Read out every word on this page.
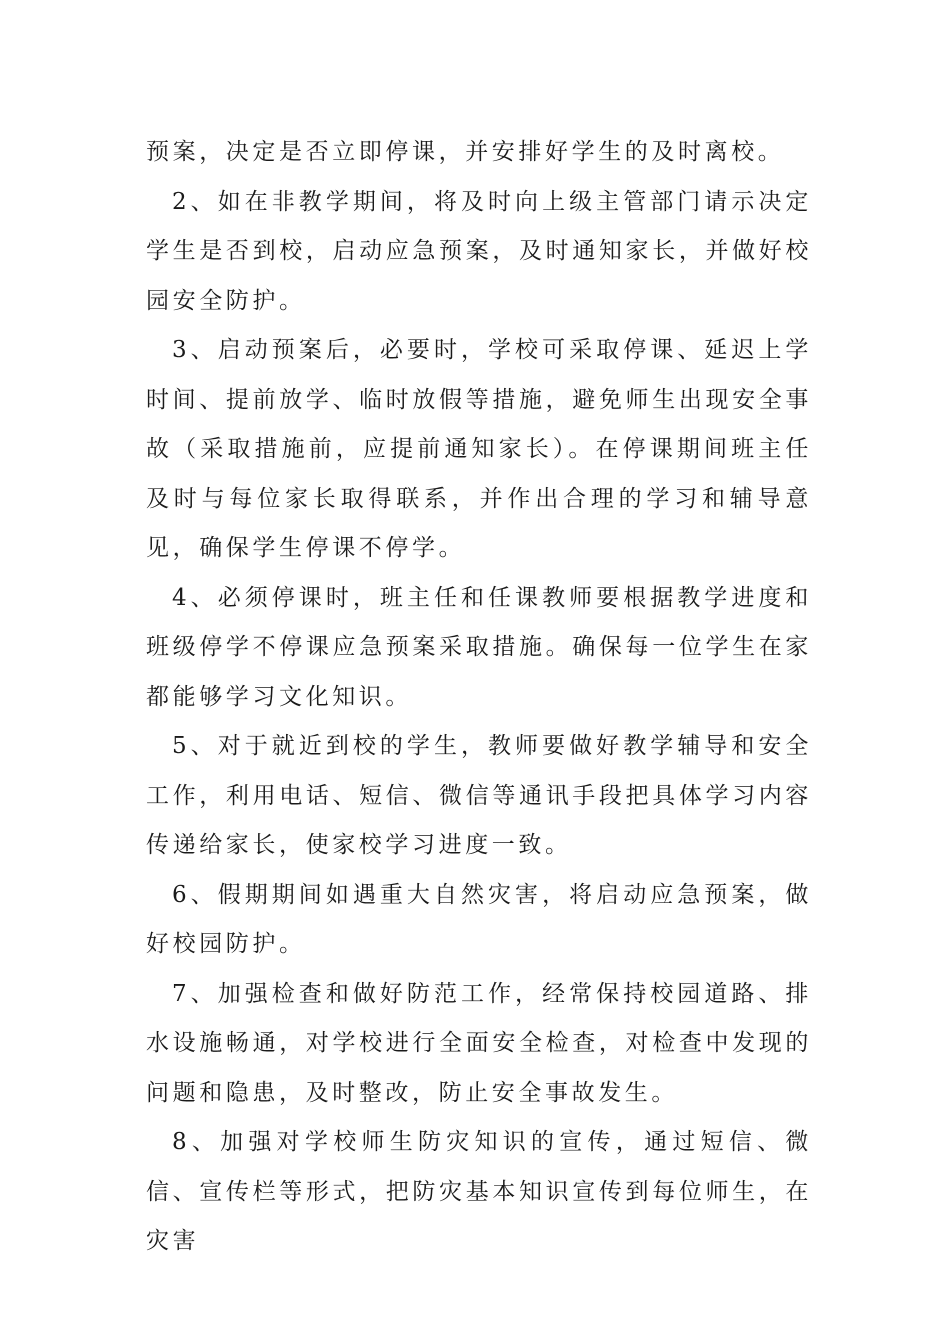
预案，决定是否立即停课，并安排好学生的及时离校。

2、如在非教学期间，将及时向上级主管部门请示决定学生是否到校，启动应急预案，及时通知家长，并做好校园安全防护。

3、启动预案后，必要时，学校可采取停课、延迟上学时间、提前放学、临时放假等措施，避免师生出现安全事故（采取措施前，应提前通知家长）。在停课期间班主任及时与每位家长取得联系，并作出合理的学习和辅导意见，确保学生停课不停学。

4、必须停课时，班主任和任课教师要根据教学进度和班级停学不停课应急预案采取措施。确保每一位学生在家都能够学习文化知识。

5、对于就近到校的学生，教师要做好教学辅导和安全工作，利用电话、短信、微信等通讯手段把具体学习内容传递给家长，使家校学习进度一致。

6、假期期间如遇重大自然灾害，将启动应急预案，做好校园防护。

7、加强检查和做好防范工作，经常保持校园道路、排水设施畅通，对学校进行全面安全检查，对检查中发现的问题和隐患，及时整改，防止安全事故发生。

8、加强对学校师生防灾知识的宣传，通过短信、微信、宣传栏等形式，把防灾基本知识宣传到每位师生，在灾害
